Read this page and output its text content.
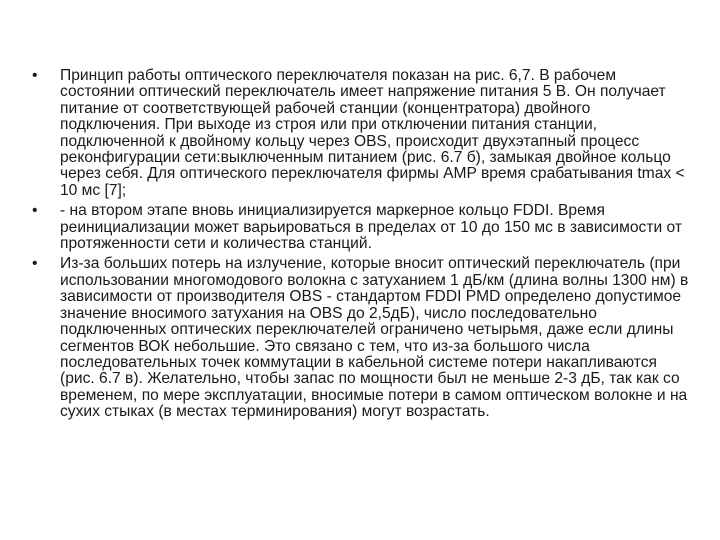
•	Принцип работы оптического переключателя показан на рис. 6,7. В рабочем состоянии оптический переключатель имеет напряжение питания 5 В. Он получает питание от соответствующей рабочей станции (концентратора) двойного подключения. При выходе из строя или при отключении питания станции, подключенной к двойному кольцу через OBS, происходит двухэтапный процесс реконфигурации сети:выключенным питанием (рис. 6.7 б), замыкая двойное кольцо через себя. Для оптического переключателя фирмы AMP время срабатывания tmax < 10 мс [7];
•	- на втором этапе вновь инициализируется маркерное кольцо FDDI. Время реинициализации может варьироваться в пределах от 10 до 150 мс в зависимости от протяженности сети и количества станций.
•	Из-за больших потерь на излучение, которые вносит оптический переключатель (при использовании многомодового волокна с затуханием 1 дБ/км (длина волны 1300 нм) в зависимости от производителя OBS - стандартом FDDI PMD определено допустимое значение вносимого затухания на OBS до 2,5дБ), число последовательно подключенных оптических переключателей ограничено четырьмя, даже если длины сегментов ВОК небольшие. Это связано с тем, что из-за большого числа последовательных точек коммутации в кабельной системе потери накапливаются (рис. 6.7 в). Желательно, чтобы запас по мощности был не меньше 2-3 дБ, так как со временем, по мере эксплуатации, вносимые потери в самом оптическом волокне и на сухих стыках (в местах терминирования) могут возрастать.
